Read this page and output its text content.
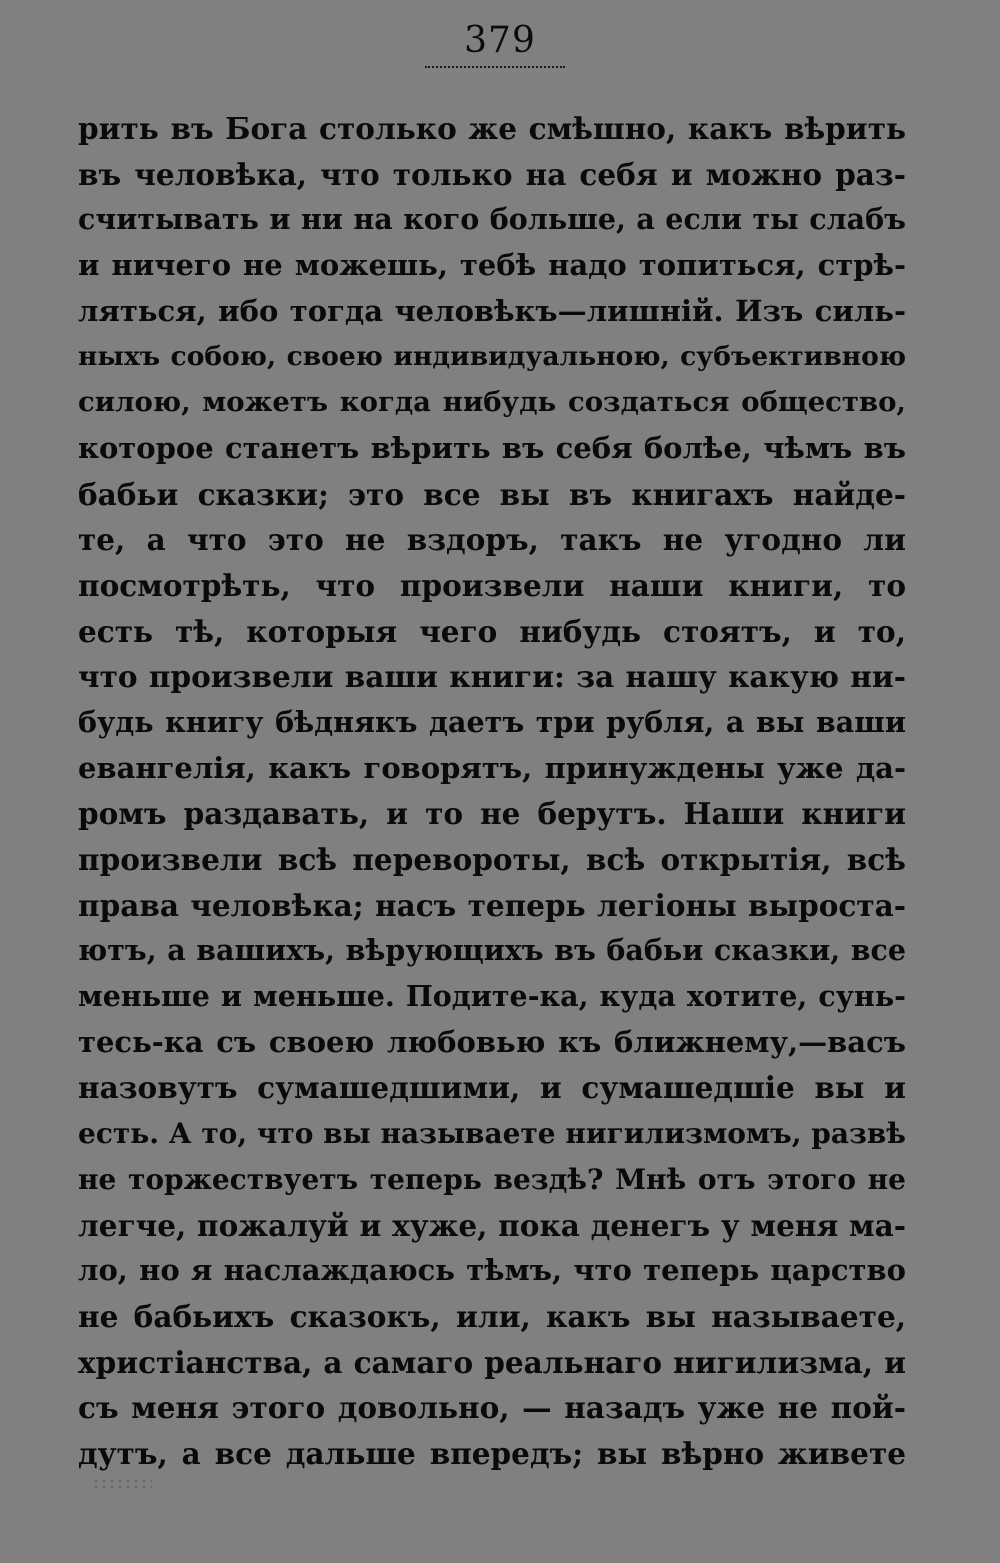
379
рить въ Бога столько же смѣшно, какъ вѣрить
въ человѣка, что только на себя и можно раз-
считывать и ни на кого больше, а если ты слабъ
и ничего не можешь, тебѣ надо топиться, стрѣ-
ляться, ибо тогда человѣкъ—лишній. Изъ силь-
ныхъ собою, своею индивидуальною, субъективною
силою, можетъ когда нибудь создаться общество,
которое станетъ вѣрить въ себя болѣе, чѣмъ въ
бабьи сказки; это все вы въ книгахъ найде-
те, а что это не вздоръ, такъ не угодно ли
посмотрѣть, что произвели наши книги, то
есть тѣ, которыя чего нибудь стоятъ, и то,
что произвели ваши книги: за нашу какую ни-
будь книгу бѣднякъ даетъ три рубля, а вы ваши
евангелія, какъ говорятъ, принуждены уже да-
ромъ раздавать, и то не берутъ. Наши книги
произвели всѣ перевороты, всѣ открытія, всѣ
права человѣка; насъ теперь легіоны выроста-
ютъ, а вашихъ, вѣрующихъ въ бабьи сказки, все
меньше и меньше. Подите-ка, куда хотите, сунь-
тесь-ка съ своею любовью къ ближнему,—васъ
назовутъ сумашедшими, и сумашедшіе вы и
есть. А то, что вы называете нигилизмомъ, развѣ
не торжествуетъ теперь вездѣ? Мнѣ отъ этого не
легче, пожалуй и хуже, пока денегъ у меня ма-
ло, но я наслаждаюсь тѣмъ, что теперь царство
не бабьихъ сказокъ, или, какъ вы называете,
христіанства, а самаго реальнаго нигилизма, и
съ меня этого довольно, — назадъ уже не пой-
дутъ, а все дальше впередъ; вы вѣрно живете
